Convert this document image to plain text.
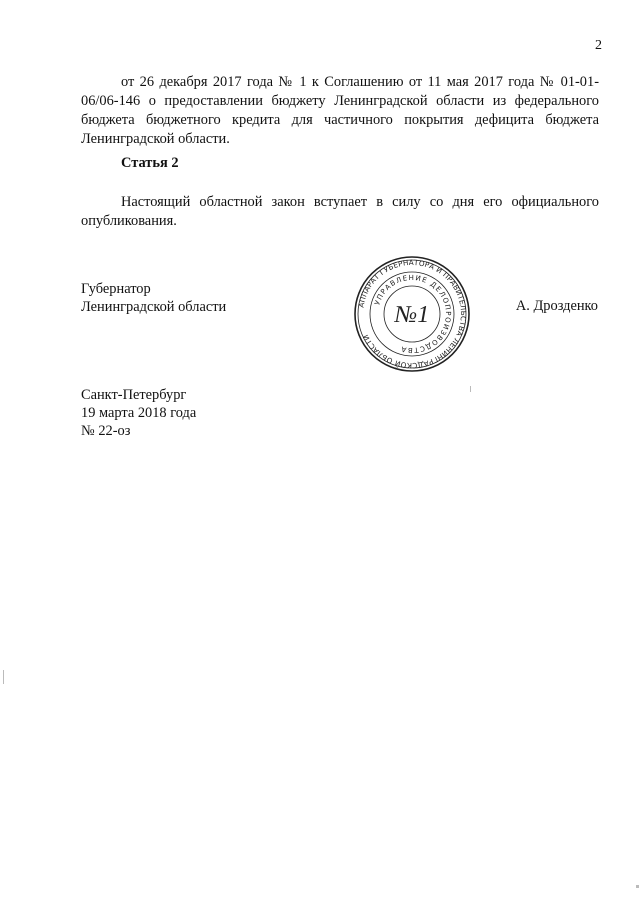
2

от 26 декабря 2017 года № 1 к Соглашению от 11 мая 2017 года № 01-01-06/06-146 о предоставлении бюджету Ленинградской области из федерального бюджета бюджетного кредита для частичного покрытия дефицита бюджета Ленинградской области.

Статья 2

Настоящий областной закон вступает в силу со дня его официального опубликования.

Губернатор
Ленинградской области	АППАРАТ ГУБЕРНАТОРА И ПРАВИТЕЛЬСТВА ЛЕНИНГРАДСКОЙ ОБЛАСТИ
УПРАВЛЕНИЕ ДЕЛОПРОИЗВОДСТВА
№1	А. Дрозденко
Санкт-Петербург
19 марта 2018 года
№ 22-оз
